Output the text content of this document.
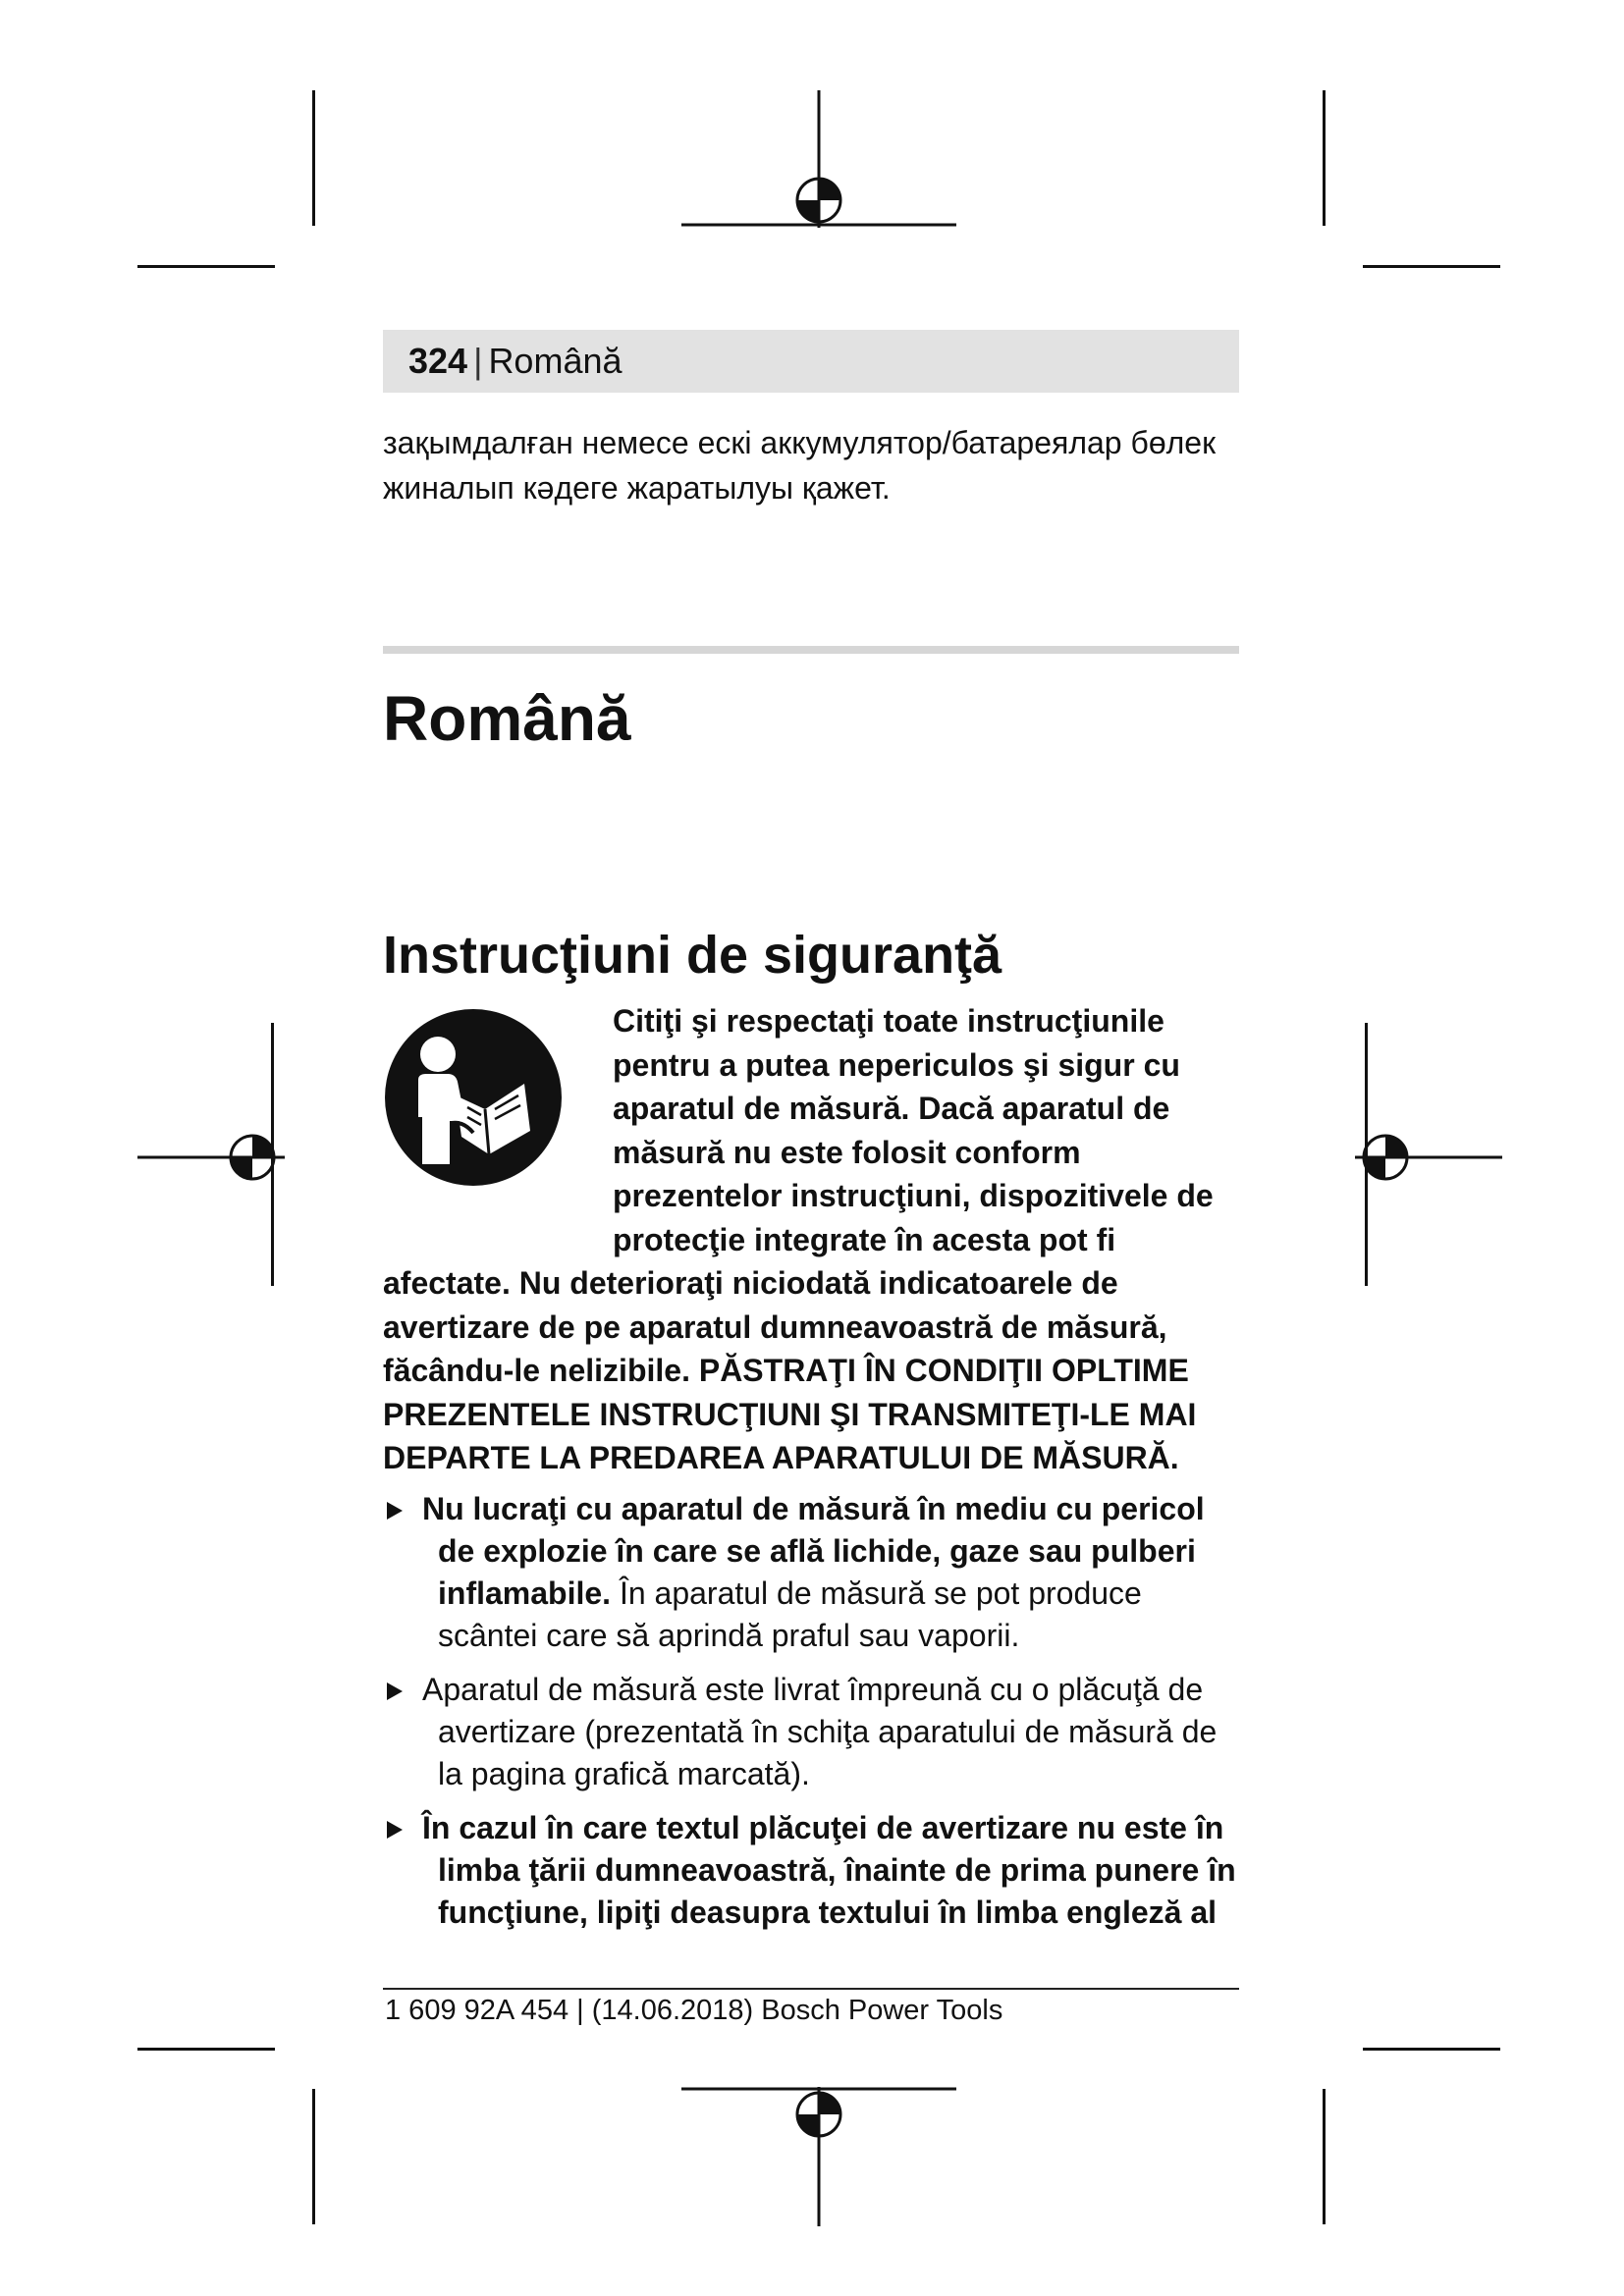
324 | Română
зақымдалған немесе ескі аккумулятор/батареялар бөлек жиналып кәдеге жаратылуы қажет.
Română
Instrucţiuni de siguranţă
Citiţi şi respectaţi toate instrucţiunile pentru a putea nepericulos şi sigur cu aparatul de măsură. Dacă aparatul de măsură nu este folosit conform prezentelor instrucţiuni, dispozitivele de protecţie integrate în acesta pot fi afectate. Nu deterioraţi niciodată indicatoarele de avertizare de pe aparatul dumneavoastră de măsură, făcându-le nelizibile. PĂSTRAŢI ÎN CONDIŢII OPLTIME PREZENTELE INSTRUCŢIUNI ŞI TRANSMITEŢI-LE MAI DEPARTE LA PREDAREA APARATULUI DE MĂSURĂ.
Nu lucraţi cu aparatul de măsură în mediu cu pericol de explozie în care se află lichide, gaze sau pulberi inflamabile. În aparatul de măsură se pot produce scântei care să aprindă praful sau vaporii.
Aparatul de măsură este livrat împreună cu o plăcuţă de avertizare (prezentată în schiţa aparatului de măsură de la pagina grafică marcată).
În cazul în care textul plăcuţei de avertizare nu este în limba ţării dumneavoastră, înainte de prima punere în funcţiune, lipiţi deasupra textului în limba engleză al
1 609 92A 454 | (14.06.2018) Bosch Power Tools
